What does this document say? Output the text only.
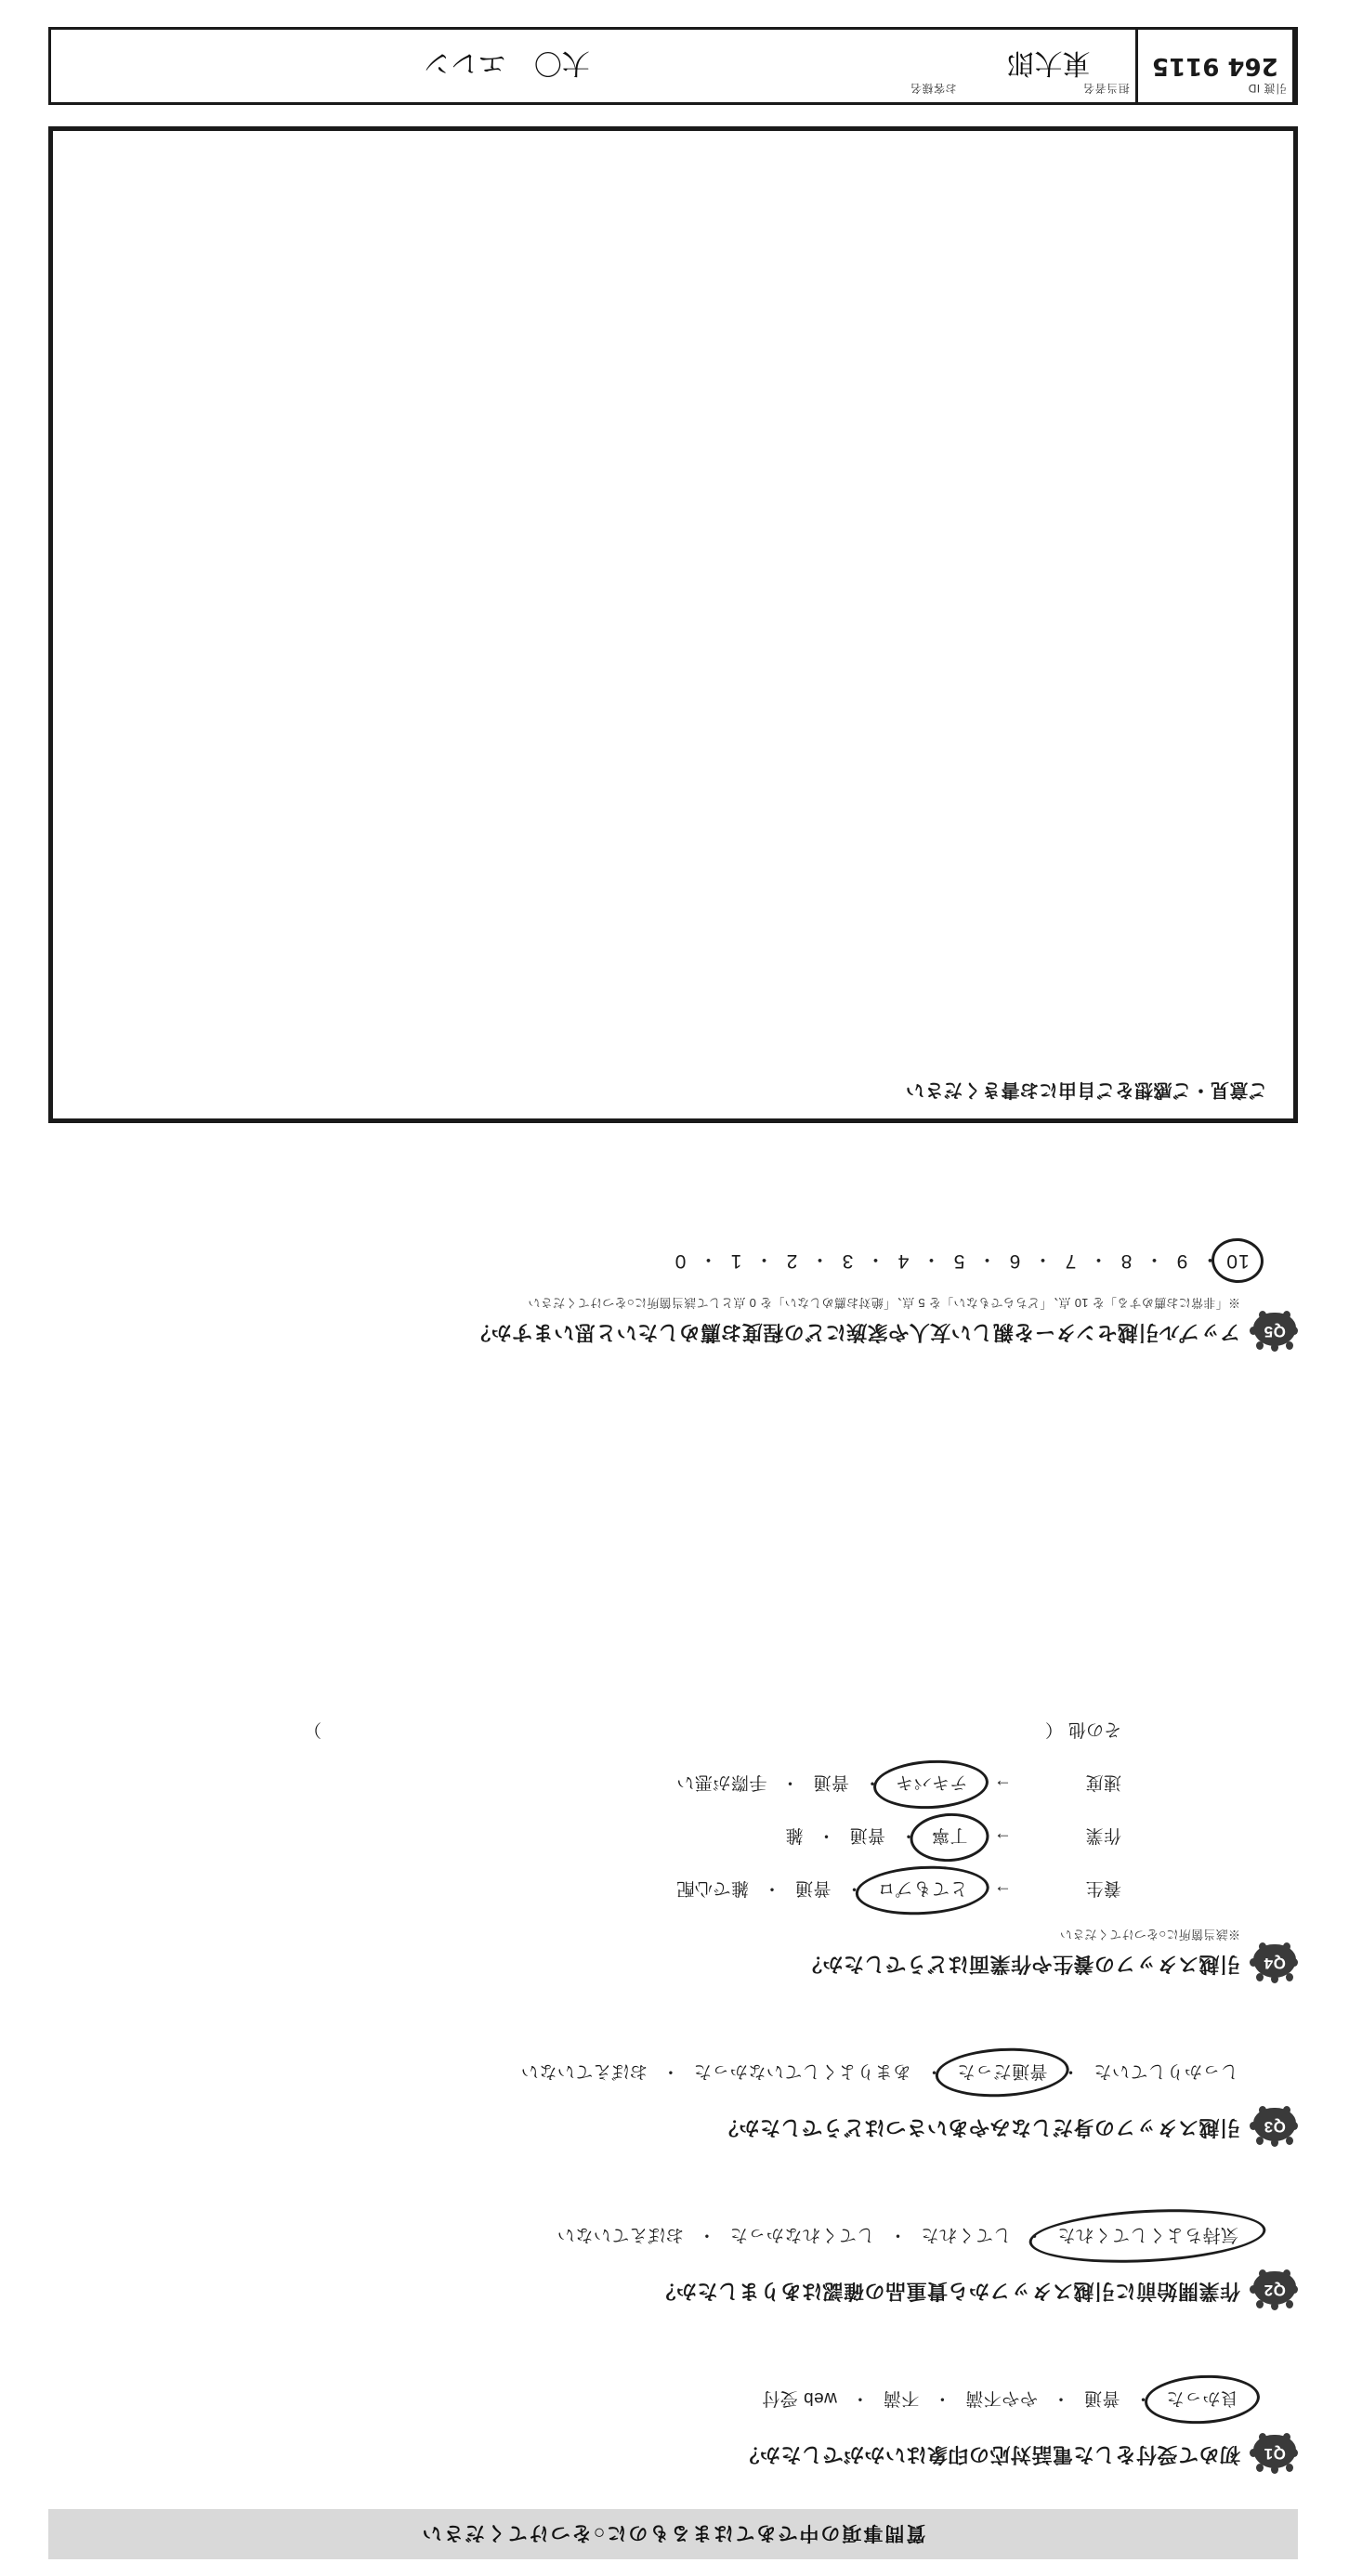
質問事項の中であてはまるものに○をつけてください
Q1
初めて受付をした電話対応の印象はいかがでしたか？
良かった
・
普通
・
やや不満
・
不満
・
web 受付
Q2
作業開始前に引越スタッフから貴重品の確認はありましたか？
気持ちよくしてくれた
・
してくれた
・
してくれなかった
・
おぼえていない
Q3
引越スタッフの身だしなみやあいさつはどうでしたか？
しっかりしていた
・
普通だった
・
あまりよくしていなかった
・
おぼえていない
Q4
引越スタッフの養生や作業面はどうでしたか？
※該当箇所に○をつけてください
養生
→
とてもプロ
・
普通
・
雑で心配
作業
→
丁寧
・
普通
・
雑
速度
→
テキパキ
・
普通
・
手際が悪い
その他
（　　　　　　　　　　　　　　　　　　　　　　　　　　　　　　　　　　　　　　　　　）
Q5
アップル引越センターを親しい友人や家族にどの程度お薦めしたいと思いますか？
※「非常にお薦めする」を 10 点、「どちらでもない」を 5 点、「絶対お薦めしない」を 0 点として該当箇所に○をつけてください
10
・
9
・
8
・
7
・
6
・
5
・
4
・
3
・
2
・
1
・
0
ご意見・ご感想をご自由にお書きください
お客様名
大〇　エレン
担当者名
東大郎
引渡 ID
264 9115
